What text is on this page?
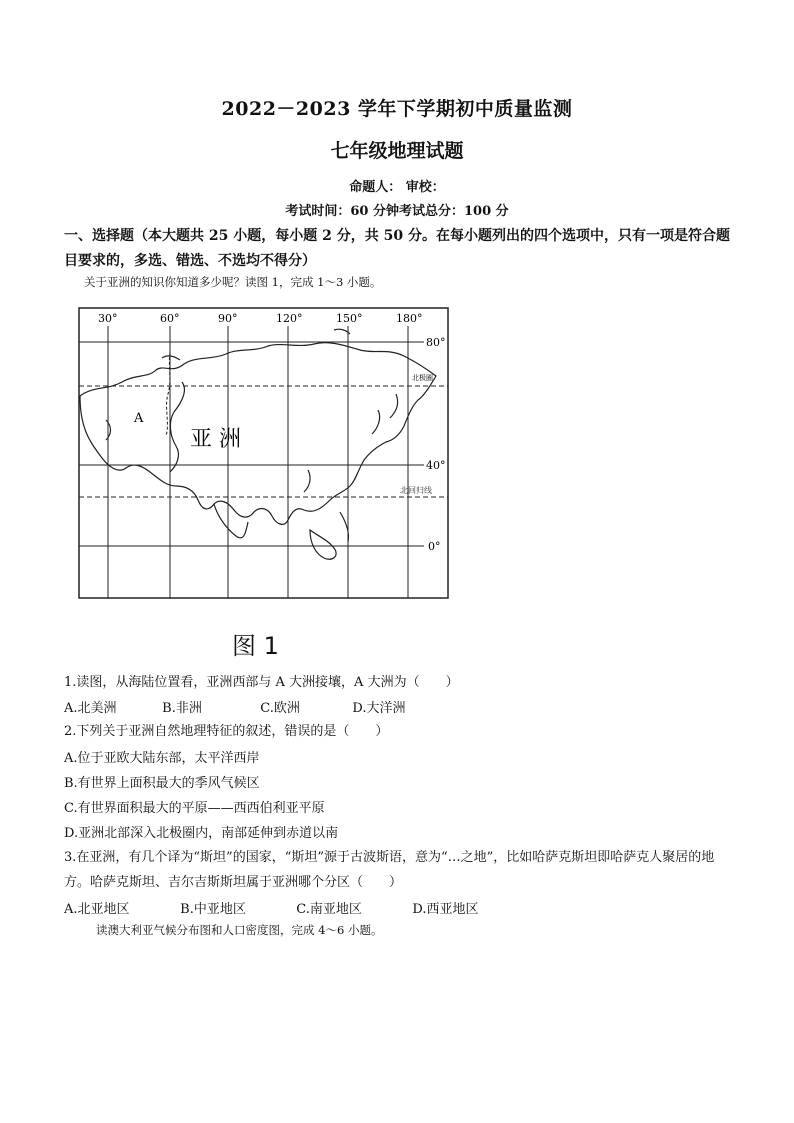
2022－2023 学年下学期初中质量监测
七年级地理试题
命题人： 审校：
考试时间：60 分钟考试总分：100 分
一、选择题（本大题共 25 小题，每小题 2 分，共 50 分。在每小题列出的四个选项中，只有一项是符合题目要求的，多选、错选、不选均不得分）
关于亚洲的知识你知道多少呢？读图 1，完成 1～3 小题。
30°	60°	90°	120°	150°	180°
80°
40°
0°
北极圈
北回归线
亚 洲
A
图 1
1.读图，从海陆位置看，亚洲西部与 A 大洲接壤，A 大洲为（　　）
A.北美洲	B.非洲	C.欧洲	D.大洋洲
2.下列关于亚洲自然地理特征的叙述，错误的是（　　）
A.位于亚欧大陆东部，太平洋西岸
B.有世界上面积最大的季风气候区
C.有世界面积最大的平原——西西伯利亚平原
D.亚洲北部深入北极圈内，南部延伸到赤道以南
3.在亚洲，有几个译为“斯坦”的国家，“斯坦”源于古波斯语，意为“…之地”，比如哈萨克斯坦即哈萨克人聚居的地方。哈萨克斯坦、吉尔吉斯斯坦属于亚洲哪个分区（　　）
A.北亚地区	B.中亚地区	C.南亚地区	D.西亚地区
读澳大利亚气候分布图和人口密度图，完成 4～6 小题。
